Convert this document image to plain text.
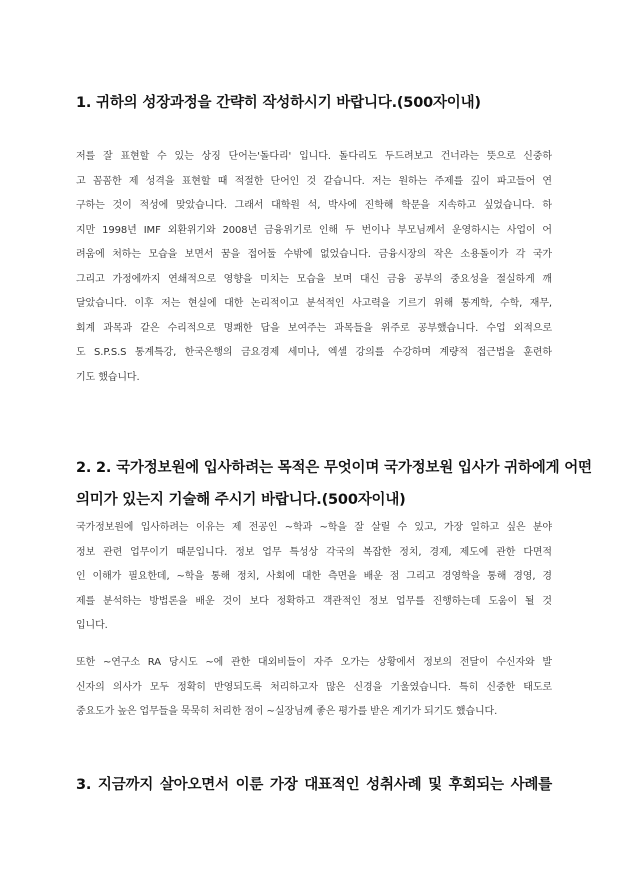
1. 귀하의 성장과정을 간략히 작성하시기 바랍니다.(500자이내)
저를 잘 표현할 수 있는 상징 단어는'돌다리' 입니다. 돌다리도 두드려보고 건너라는 뜻으로 신중하
고 꼼꼼한 제 성격을 표현할 때 적절한 단어인 것 같습니다. 저는 원하는 주제를 깊이 파고들어 연
구하는 것이 적성에 맞았습니다. 그래서 대학원 석, 박사에 진학해 학문을 지속하고 싶었습니다. 하
지만 1998년 IMF 외환위기와 2008년 금융위기로 인해 두 번이나 부모님께서 운영하시는 사업이 어
려움에 처하는 모습을 보면서 꿈을 접어둘 수밖에 없었습니다. 금융시장의 작은 소용돌이가 각 국가
그리고 가정에까지 연쇄적으로 영향을 미치는 모습을 보며 대신 금융 공부의 중요성을 절실하게 깨
달았습니다. 이후 저는 현실에 대한 논리적이고 분석적인 사고력을 기르기 위해 통계학, 수학, 재무,
회계 과목과 같은 수리적으로 명쾌한 답을 보여주는 과목들을 위주로 공부했습니다. 수업 외적으로
도 S.P.S.S 통계특강, 한국은행의 금요경제 세미나, 엑셀 강의를 수강하며 계량적 접근법을 훈련하
기도 했습니다.
2. 2. 국가정보원에 입사하려는 목적은 무엇이며 국가정보원 입사가 귀하에게 어떤
의미가 있는지 기술해 주시기 바랍니다.(500자이내)
국가정보원에 입사하려는 이유는 제 전공인 ~학과 ~학을 잘 살릴 수 있고, 가장 일하고 싶은 분야
정보 관련 업무이기 때문입니다. 정보 업무 특성상 각국의 복잡한 정치, 경제, 제도에 관한 다면적
인 이해가 필요한데, ~학을 통해 정치, 사회에 대한 측면을 배운 점 그리고 경영학을 통해 경영, 경
제를 분석하는 방법론을 배운 것이 보다 정확하고 객관적인 정보 업무를 진행하는데 도움이 될 것
입니다.
또한 ~연구소 RA 당시도 ~에 관한 대외비들이 자주 오가는 상황에서 정보의 전달이 수신자와 발
신자의 의사가 모두 정확히 반영되도록 처리하고자 많은 신경을 기울였습니다. 특히 신중한 태도로
중요도가 높은 업무들을 묵묵히 처리한 점이 ~실장님께 좋은 평가를 받은 계기가 되기도 했습니다.
3. 지금까지 살아오면서 이룬 가장 대표적인 성취사례 및 후회되는 사례를
